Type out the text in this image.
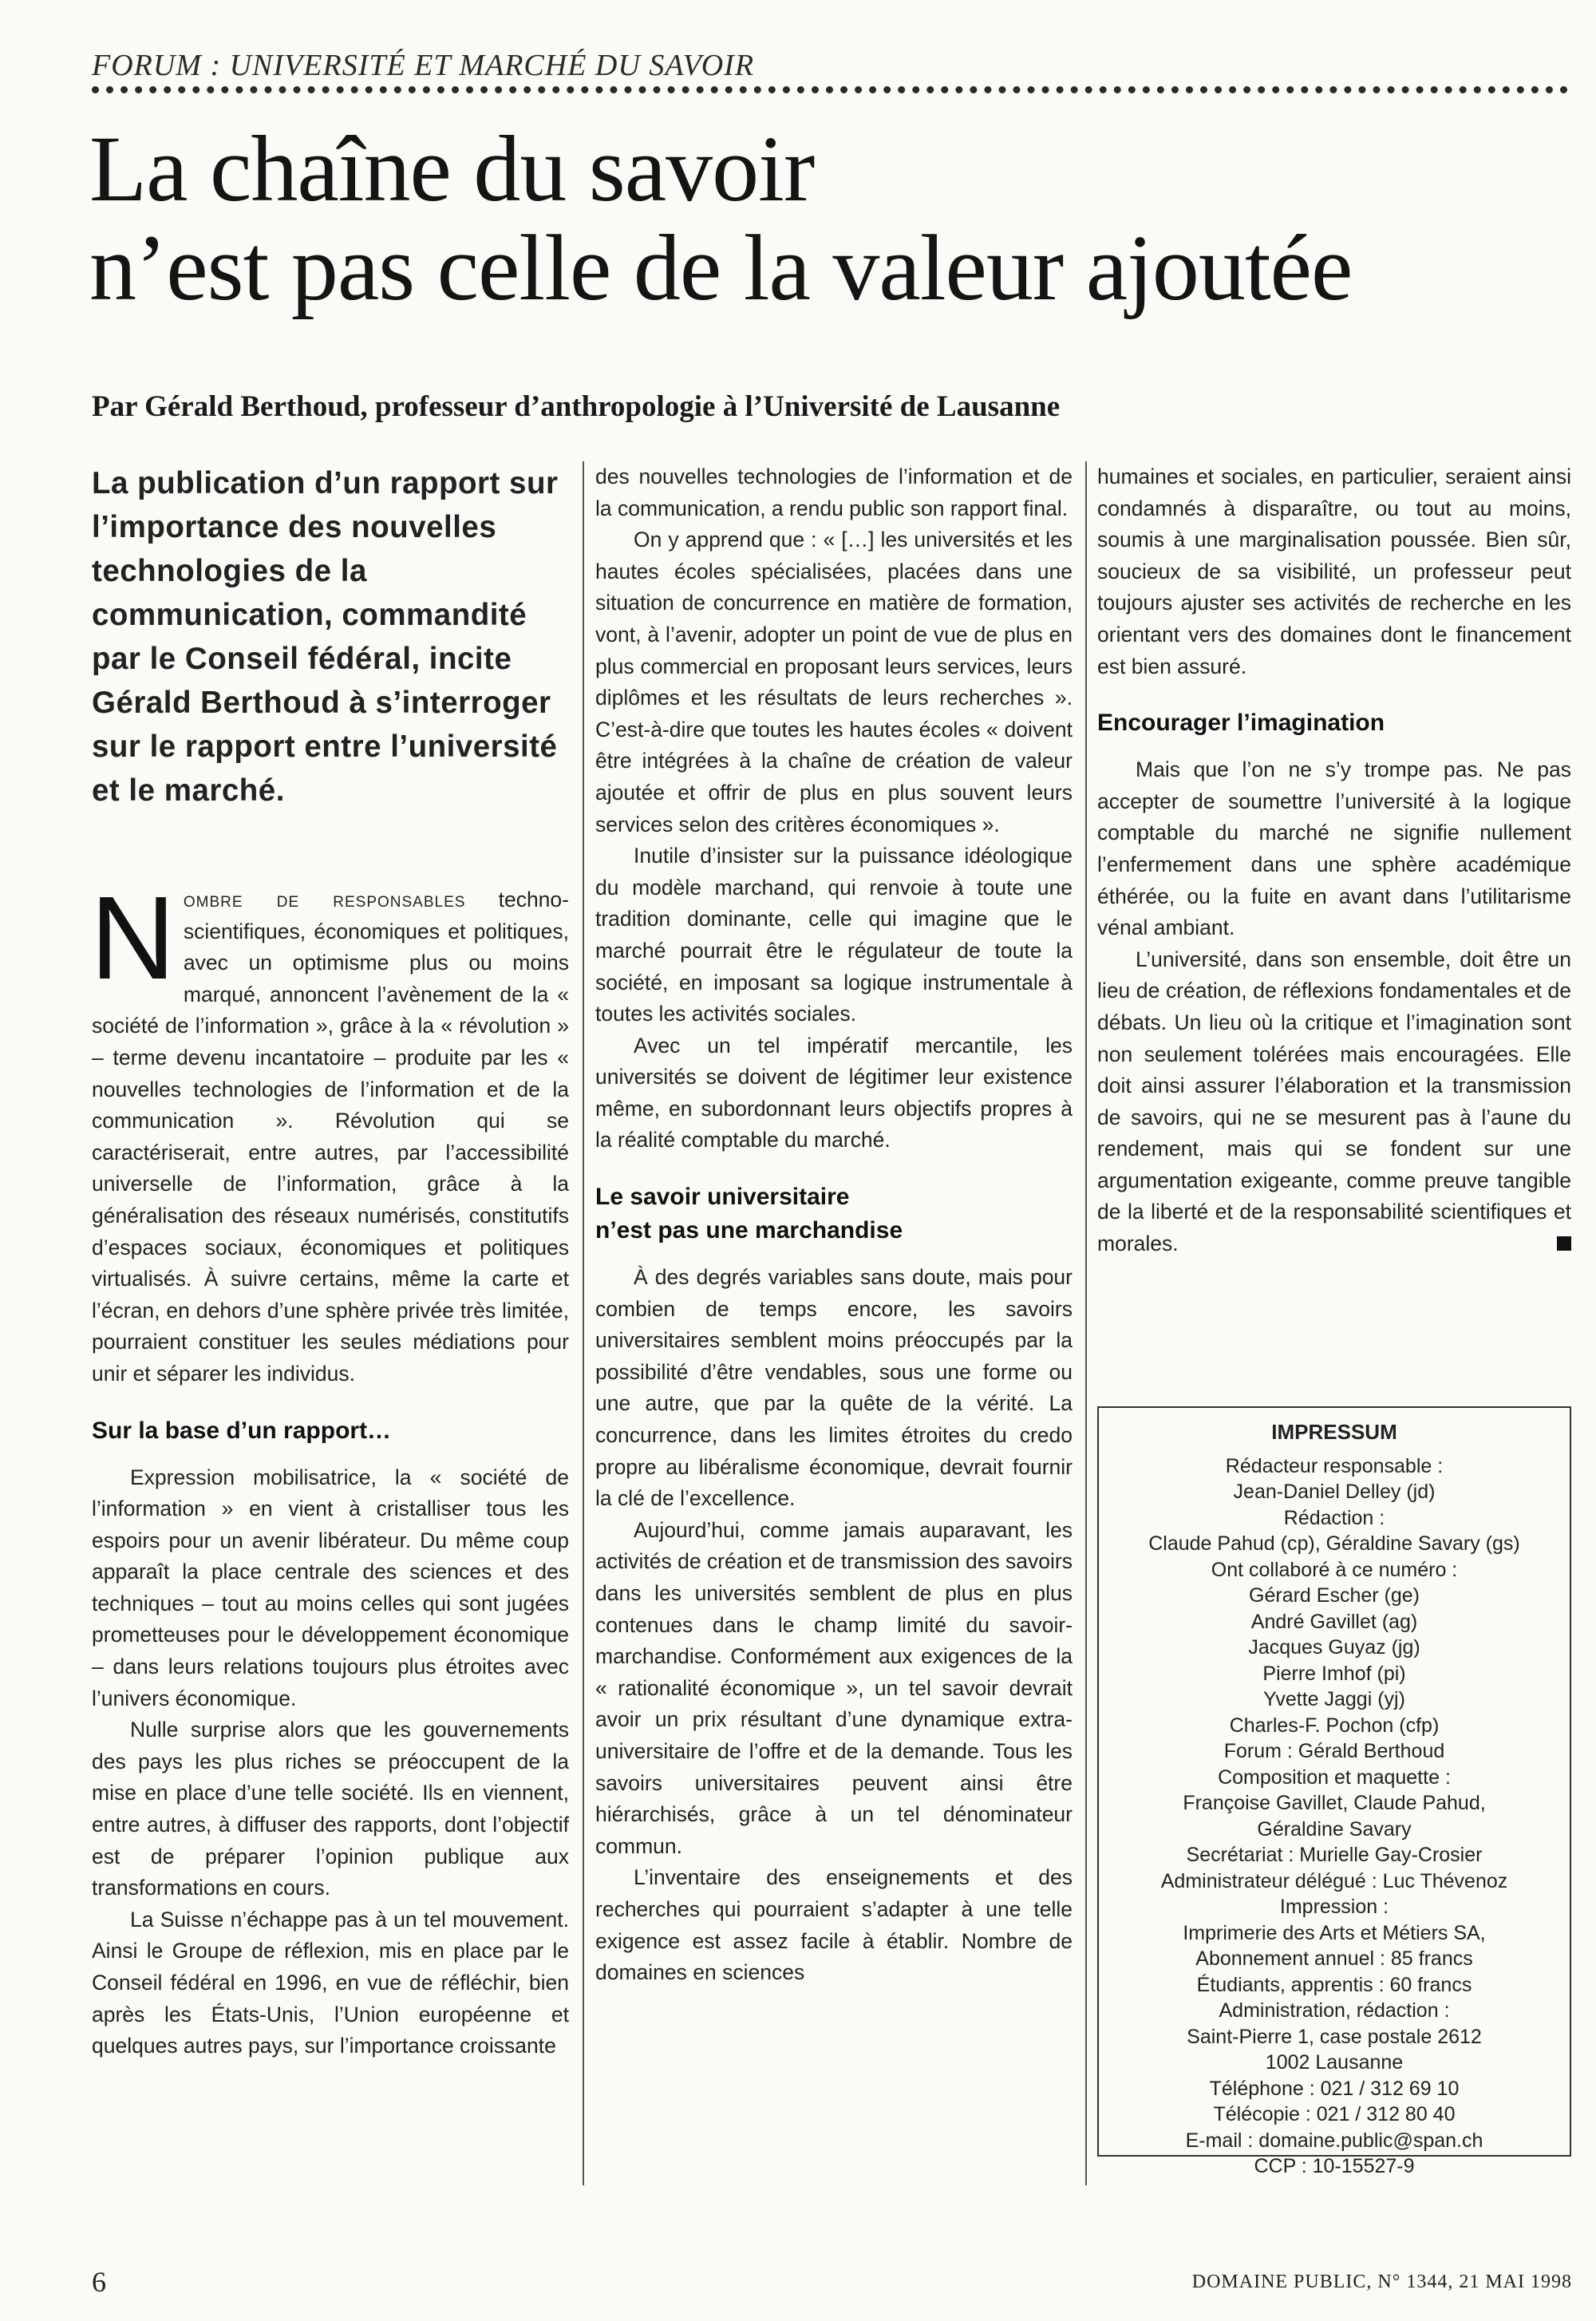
FORUM : UNIVERSITÉ ET MARCHÉ DU SAVOIR
La chaîne du savoir
n’est pas celle de la valeur ajoutée
Par Gérald Berthoud, professeur d’anthropologie à l’Université de Lausanne
La publication d’un rapport sur l’importance des nouvelles technologies de la communication, commandité par le Conseil fédéral, incite Gérald Berthoud à s’interroger sur le rapport entre l’université et le marché.

Nombre de responsables techno-scientifiques, économiques et politiques, avec un optimisme plus ou moins marqué, annoncent l’avènement de la « société de l’information », grâce à la « révolution » – terme devenu incantatoire – produite par les « nouvelles technologies de l’information et de la communication ». Révolution qui se caractériserait, entre autres, par l’accessibilité universelle de l’information, grâce à la généralisation des réseaux numérisés, constitutifs d’espaces sociaux, économiques et politiques virtualisés. À suivre certains, même la carte et l’écran, en dehors d’une sphère privée très limitée, pourraient constituer les seules médiations pour unir et séparer les individus.

Sur la base d’un rapport…

Expression mobilisatrice, la « société de l’information » en vient à cristalliser tous les espoirs pour un avenir libérateur. Du même coup apparaît la place centrale des sciences et des techniques – tout au moins celles qui sont jugées prometteuses pour le développement économique – dans leurs relations toujours plus étroites avec l’univers économique.

Nulle surprise alors que les gouvernements des pays les plus riches se préoccupent de la mise en place d’une telle société. Ils en viennent, entre autres, à diffuser des rapports, dont l’objectif est de préparer l’opinion publique aux transformations en cours.

La Suisse n’échappe pas à un tel mouvement. Ainsi le Groupe de réflexion, mis en place par le Conseil fédéral en 1996, en vue de réfléchir, bien après les États-Unis, l’Union européenne et quelques autres pays, sur l’importance croissante

des nouvelles technologies de l’information et de la communication, a rendu public son rapport final.

On y apprend que : « […] les universités et les hautes écoles spécialisées, placées dans une situation de concurrence en matière de formation, vont, à l’avenir, adopter un point de vue de plus en plus commercial en proposant leurs services, leurs diplômes et les résultats de leurs recherches ». C’est-à-dire que toutes les hautes écoles « doivent être intégrées à la chaîne de création de valeur ajoutée et offrir de plus en plus souvent leurs services selon des critères économiques ».

Inutile d’insister sur la puissance idéologique du modèle marchand, qui renvoie à toute une tradition dominante, celle qui imagine que le marché pourrait être le régulateur de toute la société, en imposant sa logique instrumentale à toutes les activités sociales.

Avec un tel impératif mercantile, les universités se doivent de légitimer leur existence même, en subordonnant leurs objectifs propres à la réalité comptable du marché.

Le savoir universitaire
n’est pas une marchandise

À des degrés variables sans doute, mais pour combien de temps encore, les savoirs universitaires semblent moins préoccupés par la possibilité d’être vendables, sous une forme ou une autre, que par la quête de la vérité. La concurrence, dans les limites étroites du credo propre au libéralisme économique, devrait fournir la clé de l’excellence.

Aujourd’hui, comme jamais auparavant, les activités de création et de transmission des savoirs dans les universités semblent de plus en plus contenues dans le champ limité du savoir-marchandise. Conformément aux exigences de la « rationalité économique », un tel savoir devrait avoir un prix résultant d’une dynamique extra-universitaire de l’offre et de la demande. Tous les savoirs universitaires peuvent ainsi être hiérarchisés, grâce à un tel dénominateur commun.

L’inventaire des enseignements et des recherches qui pourraient s’adapter à une telle exigence est assez facile à établir. Nombre de domaines en sciences

humaines et sociales, en particulier, seraient ainsi condamnés à disparaître, ou tout au moins, soumis à une marginalisation poussée. Bien sûr, soucieux de sa visibilité, un professeur peut toujours ajuster ses activités de recherche en les orientant vers des domaines dont le financement est bien assuré.

Encourager l’imagination

Mais que l’on ne s’y trompe pas. Ne pas accepter de soumettre l’université à la logique comptable du marché ne signifie nullement l’enfermement dans une sphère académique éthérée, ou la fuite en avant dans l’utilitarisme vénal ambiant.

L’université, dans son ensemble, doit être un lieu de création, de réflexions fondamentales et de débats. Un lieu où la critique et l’imagination sont non seulement tolérées mais encouragées. Elle doit ainsi assurer l’élaboration et la transmission de savoirs, qui ne se mesurent pas à l’aune du rendement, mais qui se fondent sur une argumentation exigeante, comme preuve tangible de la liberté et de la responsabilité scientifiques et morales.

IMPRESSUM
Rédacteur responsable :
Jean-Daniel Delley (jd)
Rédaction :
Claude Pahud (cp), Géraldine Savary (gs)
Ont collaboré à ce numéro :
Gérard Escher (ge)
André Gavillet (ag)
Jacques Guyaz (jg)
Pierre Imhof (pi)
Yvette Jaggi (yj)
Charles-F. Pochon (cfp)
Forum : Gérald Berthoud
Composition et maquette :
Françoise Gavillet, Claude Pahud,
Géraldine Savary
Secrétariat : Murielle Gay-Crosier
Administrateur délégué : Luc Thévenoz
Impression :
Imprimerie des Arts et Métiers SA,
Abonnement annuel : 85 francs
Étudiants, apprentis : 60 francs
Administration, rédaction :
Saint-Pierre 1, case postale 2612
1002 Lausanne
Téléphone : 021 / 312 69 10
Télécopie : 021 / 312 80 40
E-mail : domaine.public@span.ch
CCP : 10-15527-9
6	DOMAINE PUBLIC, N° 1344, 21 MAI 1998
